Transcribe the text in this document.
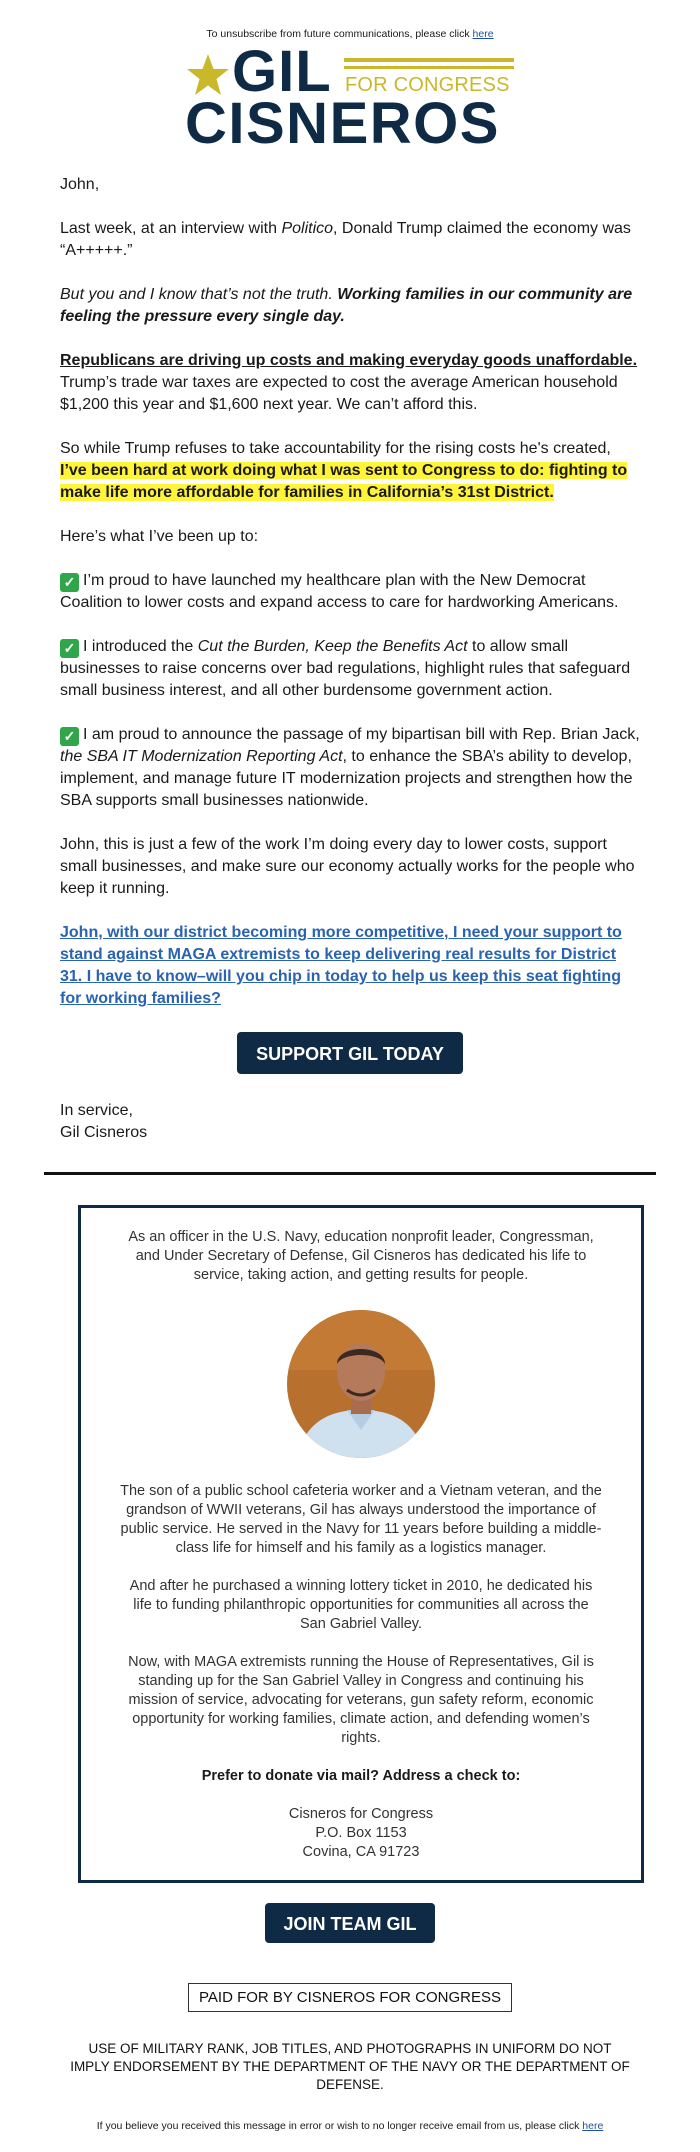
To unsubscribe from future communications, please click here
GIL FOR CONGRESS
CISNEROS

John,

Last week, at an interview with Politico, Donald Trump claimed the economy was “A+++++.”

But you and I know that’s not the truth. Working families in our community are feeling the pressure every single day.

Republicans are driving up costs and making everyday goods unaffordable. Trump’s trade war taxes are expected to cost the average American household $1,200 this year and $1,600 next year. We can’t afford this.

So while Trump refuses to take accountability for the rising costs he's created, I’ve been hard at work doing what I was sent to Congress to do: fighting to make life more affordable for families in California’s 31st District.

Here’s what I’ve been up to:

✓ I’m proud to have launched my healthcare plan with the New Democrat Coalition to lower costs and expand access to care for hardworking Americans.

✓ I introduced the Cut the Burden, Keep the Benefits Act to allow small businesses to raise concerns over bad regulations, highlight rules that safeguard small business interest, and all other burdensome government action.

✓ I am proud to announce the passage of my bipartisan bill with Rep. Brian Jack, the SBA IT Modernization Reporting Act, to enhance the SBA’s ability to develop, implement, and manage future IT modernization projects and strengthen how the SBA supports small businesses nationwide.

John, this is just a few of the work I’m doing every day to lower costs, support small businesses, and make sure our economy actually works for the people who keep it running.

John, with our district becoming more competitive, I need your support to stand against MAGA extremists to keep delivering real results for District 31. I have to know–will you chip in today to help us keep this seat fighting for working families?

SUPPORT GIL TODAY
In service,
Gil Cisneros

As an officer in the U.S. Navy, education nonprofit leader, Congressman, and Under Secretary of Defense, Gil Cisneros has dedicated his life to service, taking action, and getting results for people.

The son of a public school cafeteria worker and a Vietnam veteran, and the grandson of WWII veterans, Gil has always understood the importance of public service. He served in the Navy for 11 years before building a middle-class life for himself and his family as a logistics manager.

And after he purchased a winning lottery ticket in 2010, he dedicated his life to funding philanthropic opportunities for communities all across the San Gabriel Valley.

Now, with MAGA extremists running the House of Representatives, Gil is standing up for the San Gabriel Valley in Congress and continuing his mission of service, advocating for veterans, gun safety reform, economic opportunity for working families, climate action, and defending women’s rights.

Prefer to donate via mail? Address a check to:

Cisneros for Congress

P.O. Box 1153

Covina, CA 91723

JOIN TEAM GIL
PAID FOR BY CISNEROS FOR CONGRESS
USE OF MILITARY RANK, JOB TITLES, AND PHOTOGRAPHS IN UNIFORM DO NOT IMPLY ENDORSEMENT BY THE DEPARTMENT OF THE NAVY OR THE DEPARTMENT OF DEFENSE.
If you believe you received this message in error or wish to no longer receive email from us, please click here
